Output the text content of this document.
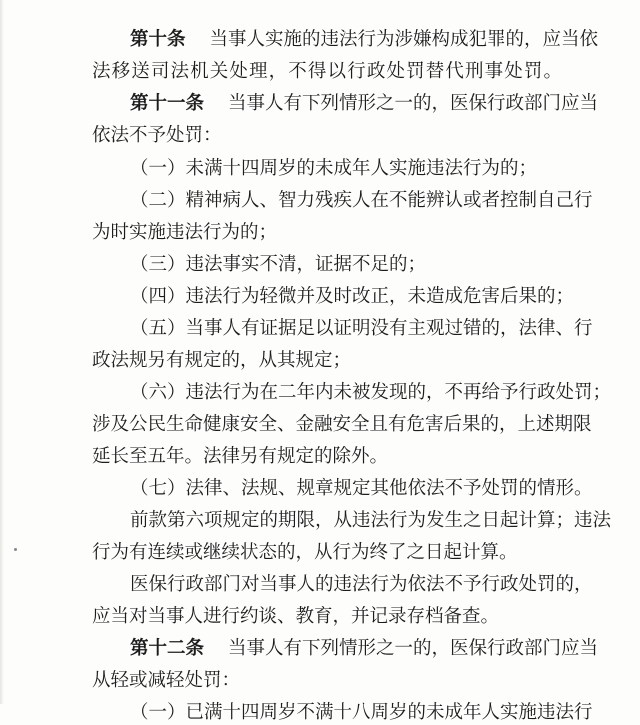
第十条 当事人实施的违法行为涉嫌构成犯罪的，应当依
法移送司法机关处理，不得以行政处罚替代刑事处罚。
第十一条 当事人有下列情形之一的，医保行政部门应当
依法不予处罚：
（一）未满十四周岁的未成年人实施违法行为的；
（二）精神病人、智力残疾人在不能辨认或者控制自己行
为时实施违法行为的；
（三）违法事实不清，证据不足的；
（四）违法行为轻微并及时改正，未造成危害后果的；
（五）当事人有证据足以证明没有主观过错的，法律、行
政法规另有规定的，从其规定；
（六）违法行为在二年内未被发现的，不再给予行政处罚；
涉及公民生命健康安全、金融安全且有危害后果的，上述期限
延长至五年。法律另有规定的除外。
（七）法律、法规、规章规定其他依法不予处罚的情形。
前款第六项规定的期限，从违法行为发生之日起计算；违法
行为有连续或继续状态的，从行为终了之日起计算。
医保行政部门对当事人的违法行为依法不予行政处罚的，
应当对当事人进行约谈、教育，并记录存档备查。
第十二条 当事人有下列情形之一的，医保行政部门应当
从轻或减轻处罚：
（一）已满十四周岁不满十八周岁的未成年人实施违法行
